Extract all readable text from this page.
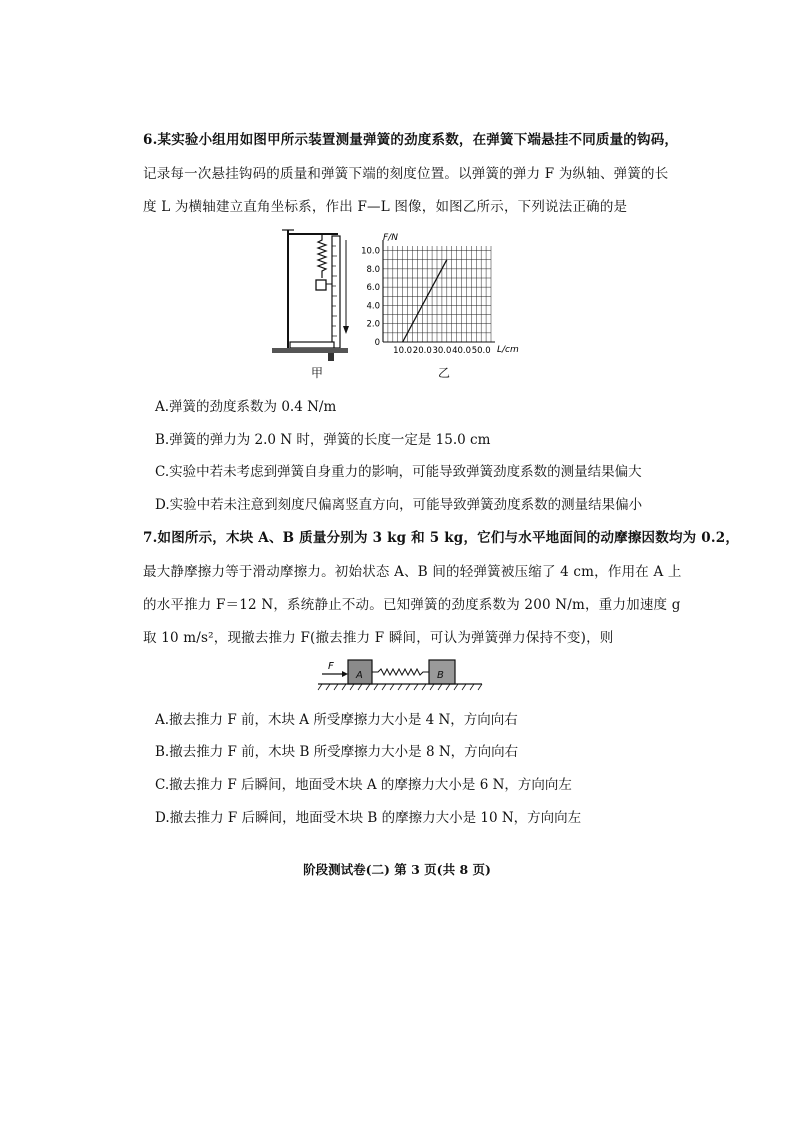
6.某实验小组用如图甲所示装置测量弹簧的劲度系数，在弹簧下端悬挂不同质量的钩码，
记录每一次悬挂钩码的质量和弹簧下端的刻度位置。以弹簧的弹力 F 为纵轴、弹簧的长
度 L 为横轴建立直角坐标系，作出 F—L 图像，如图乙所示，下列说法正确的是
甲
F/N
L/cm
0
2.0
4.0
6.0
8.0
10.0
10.0 20.0 30.0 40.0 50.0
乙
A.弹簧的劲度系数为 0.4 N/m
B.弹簧的弹力为 2.0 N 时，弹簧的长度一定是 15.0 cm
C.实验中若未考虑到弹簧自身重力的影响，可能导致弹簧劲度系数的测量结果偏大
D.实验中若未注意到刻度尺偏离竖直方向，可能导致弹簧劲度系数的测量结果偏小
7.如图所示，木块 A、B 质量分别为 3 kg 和 5 kg，它们与水平地面间的动摩擦因数均为 0.2，
最大静摩擦力等于滑动摩擦力。初始状态 A、B 间的轻弹簧被压缩了 4 cm，作用在 A 上
的水平推力 F＝12 N，系统静止不动。已知弹簧的劲度系数为 200 N/m，重力加速度 g
取 10 m/s²，现撤去推力 F(撤去推力 F 瞬间，可认为弹簧弹力保持不变)，则
F
A	B
A.撤去推力 F 前，木块 A 所受摩擦力大小是 4 N，方向向右
B.撤去推力 F 前，木块 B 所受摩擦力大小是 8 N，方向向右
C.撤去推力 F 后瞬间，地面受木块 A 的摩擦力大小是 6 N，方向向左
D.撤去推力 F 后瞬间，地面受木块 B 的摩擦力大小是 10 N，方向向左
阶段测试卷(二) 第 3 页(共 8 页)
